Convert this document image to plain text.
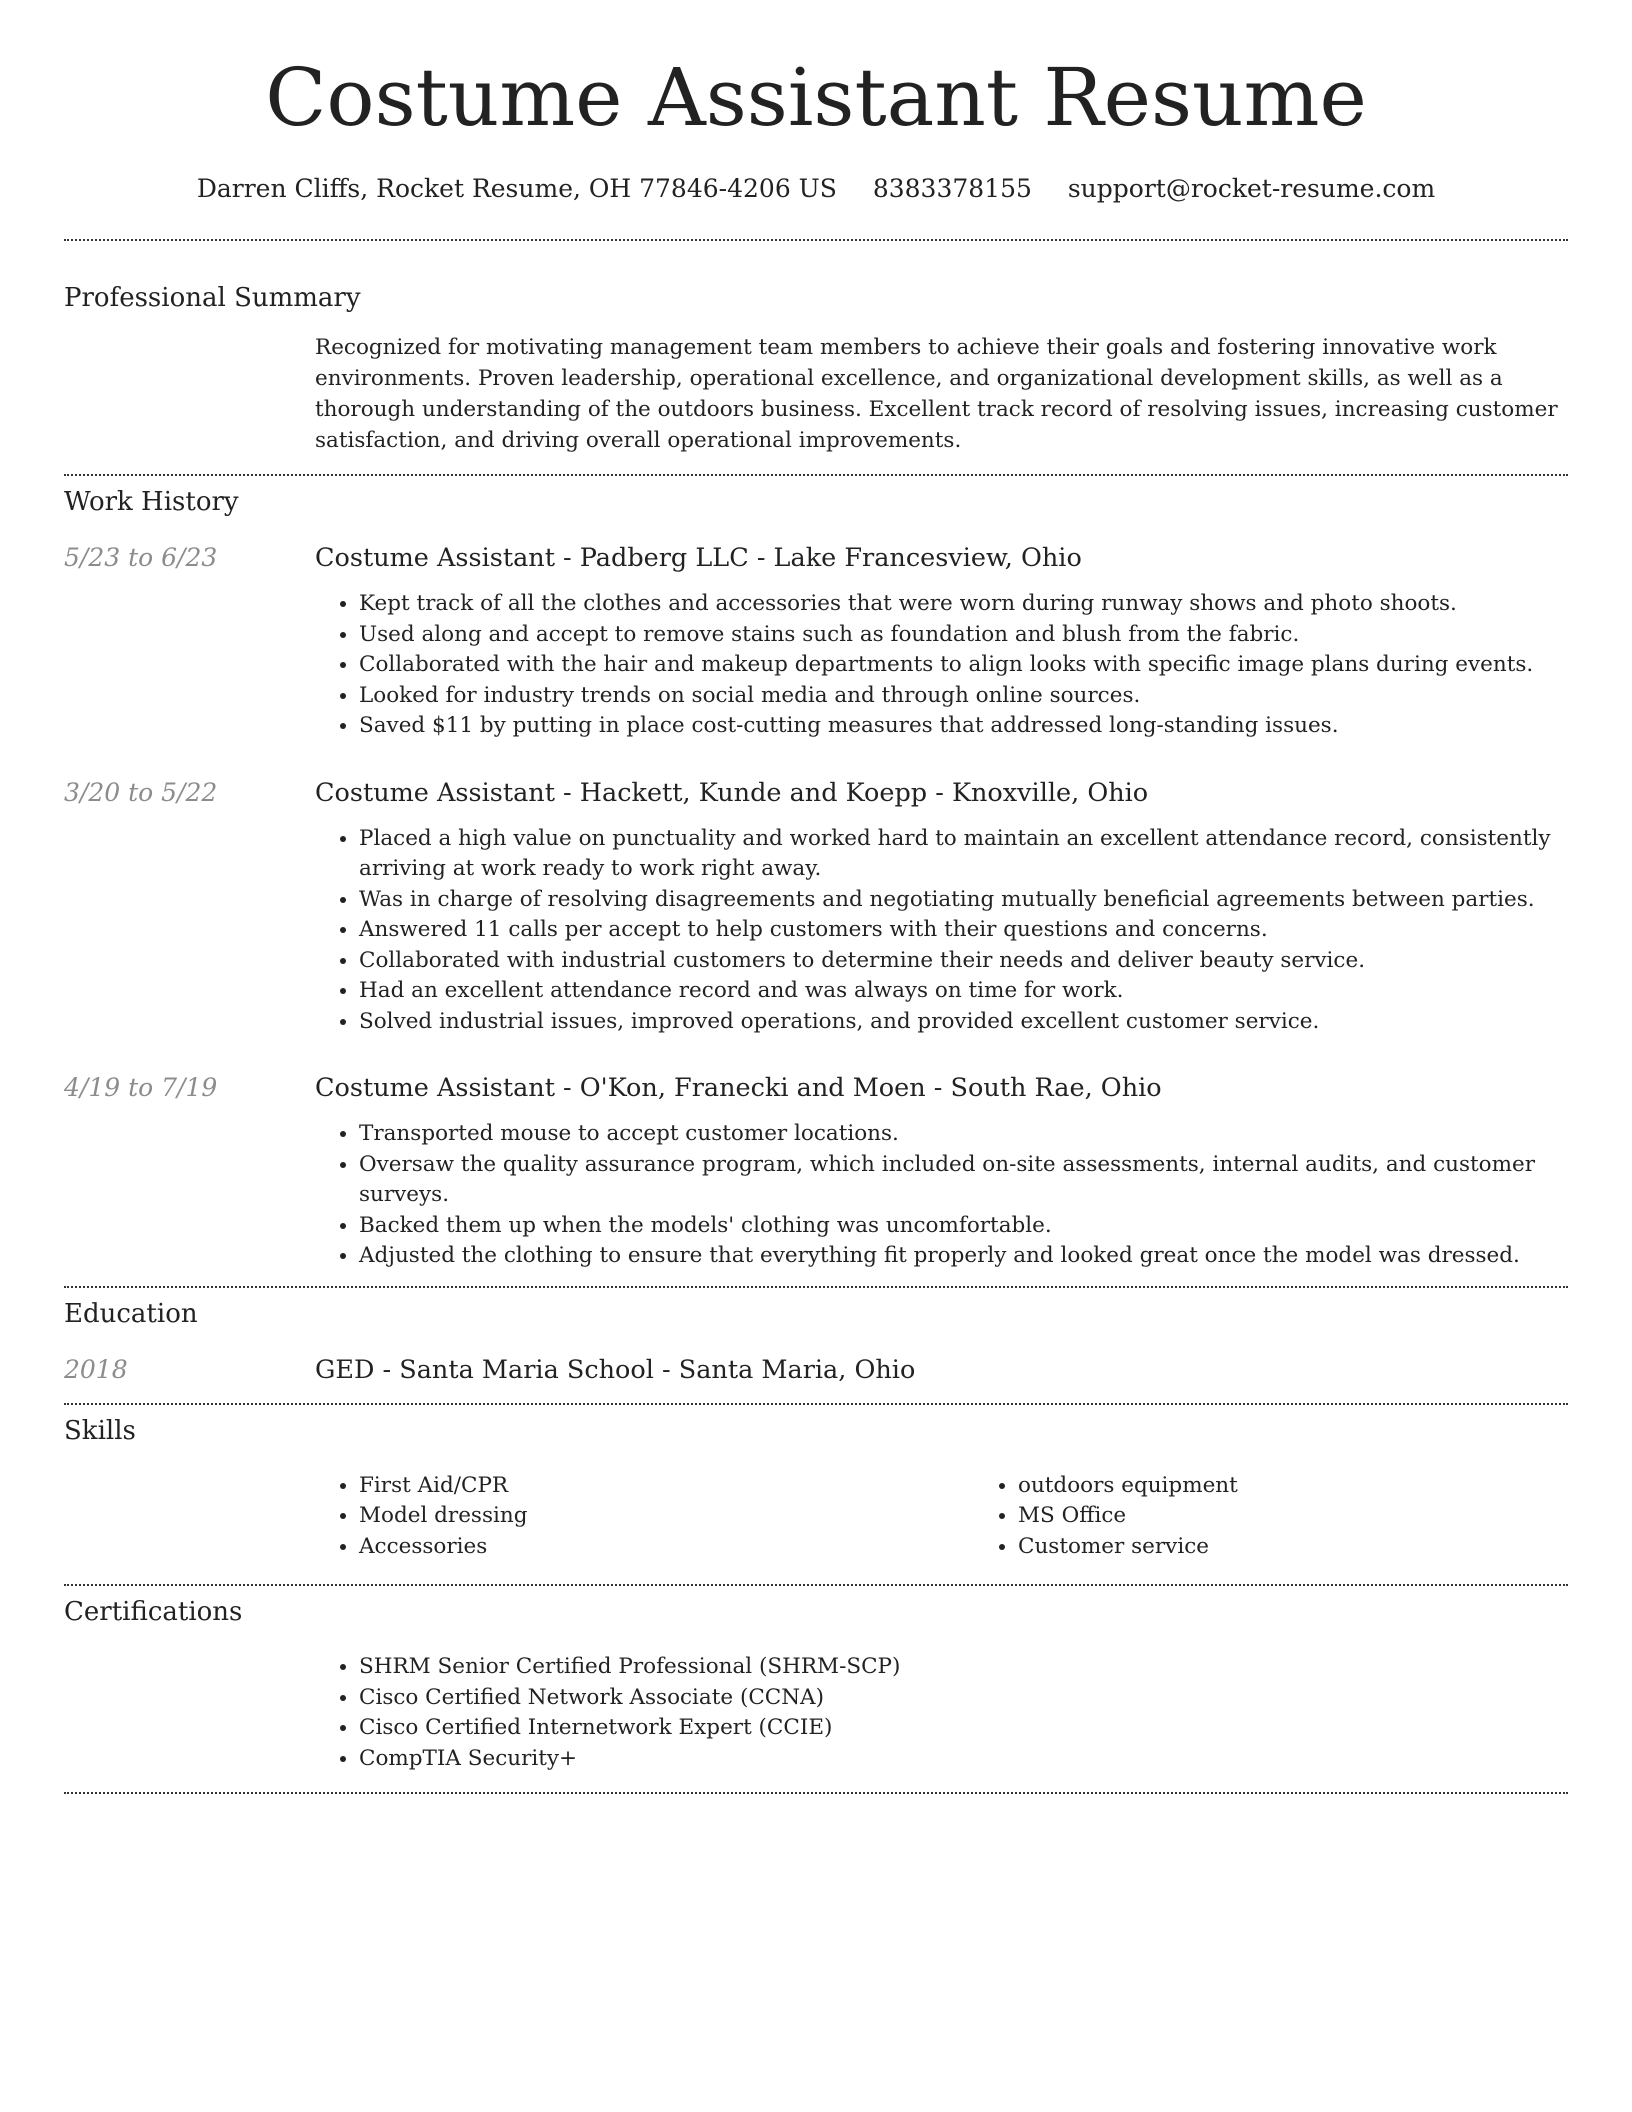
Costume Assistant Resume
Darren Cliffs, Rocket Resume, OH 77846-4206 US 8383378155 support@rocket-resume.com
Professional Summary

Recognized for motivating management team members to achieve their goals and fostering innovative work environments. Proven leadership, operational excellence, and organizational development skills, as well as a thorough understanding of the outdoors business. Excellent track record of resolving issues, increasing customer satisfaction, and driving overall operational improvements.

Work History
5/23 to 6/23	Costume Assistant - Padberg LLC - Lake Francesview, Ohio
• Kept track of all the clothes and accessories that were worn during runway shows and photo shoots.
• Used along and accept to remove stains such as foundation and blush from the fabric.
• Collaborated with the hair and makeup departments to align looks with specific image plans during events.
• Looked for industry trends on social media and through online sources.
• Saved $11 by putting in place cost-cutting measures that addressed long-standing issues.
3/20 to 5/22	Costume Assistant - Hackett, Kunde and Koepp - Knoxville, Ohio
• Placed a high value on punctuality and worked hard to maintain an excellent attendance record, consistently arriving at work ready to work right away.
• Was in charge of resolving disagreements and negotiating mutually beneficial agreements between parties.
• Answered 11 calls per accept to help customers with their questions and concerns.
• Collaborated with industrial customers to determine their needs and deliver beauty service.
• Had an excellent attendance record and was always on time for work.
• Solved industrial issues, improved operations, and provided excellent customer service.
4/19 to 7/19	Costume Assistant - O'Kon, Franecki and Moen - South Rae, Ohio
• Transported mouse to accept customer locations.
• Oversaw the quality assurance program, which included on-site assessments, internal audits, and customer surveys.
• Backed them up when the models' clothing was uncomfortable.
• Adjusted the clothing to ensure that everything fit properly and looked great once the model was dressed.
Education
2018	GED - Santa Maria School - Santa Maria, Ohio
Skills
• First Aid/CPR
• Model dressing
• Accessories
• outdoors equipment
• MS Office
• Customer service
Certifications
• SHRM Senior Certified Professional (SHRM-SCP)
• Cisco Certified Network Associate (CCNA)
• Cisco Certified Internetwork Expert (CCIE)
• CompTIA Security+
